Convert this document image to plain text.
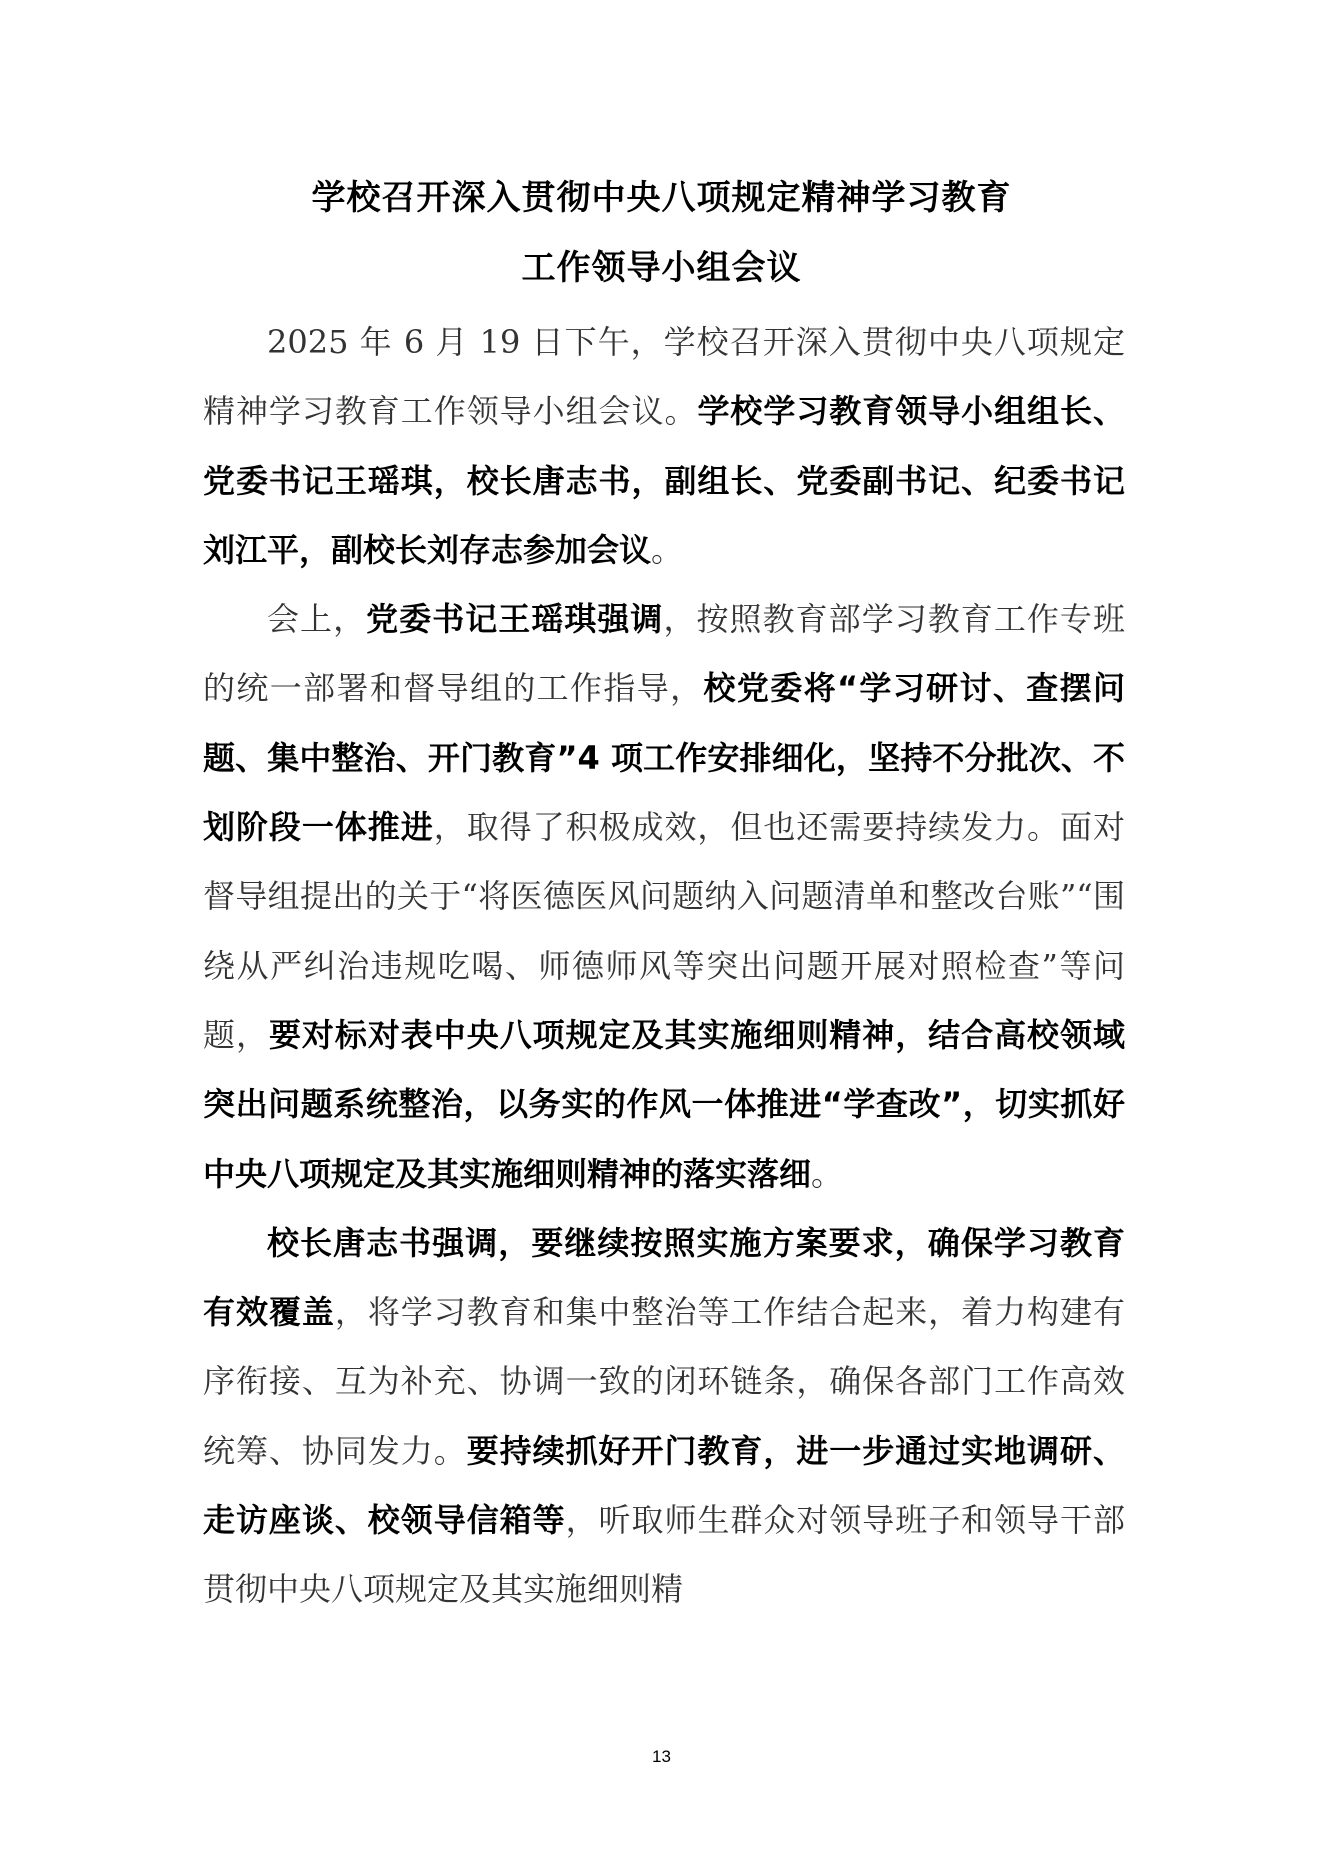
学校召开深入贯彻中央八项规定精神学习教育
工作领导小组会议

2025 年 6 月 19 日下午，学校召开深入贯彻中央八项规定精神学习教育工作领导小组会议。学校学习教育领导小组组长、党委书记王瑶琪，校长唐志书，副组长、党委副书记、纪委书记刘江平，副校长刘存志参加会议。

会上，党委书记王瑶琪强调，按照教育部学习教育工作专班的统一部署和督导组的工作指导，校党委将“学习研讨、查摆问题、集中整治、开门教育”4 项工作安排细化，坚持不分批次、不划阶段一体推进，取得了积极成效，但也还需要持续发力。面对督导组提出的关于“将医德医风问题纳入问题清单和整改台账”“围绕从严纠治违规吃喝、师德师风等突出问题开展对照检查”等问题，要对标对表中央八项规定及其实施细则精神，结合高校领域突出问题系统整治，以务实的作风一体推进“学查改”，切实抓好中央八项规定及其实施细则精神的落实落细。

校长唐志书强调，要继续按照实施方案要求，确保学习教育有效覆盖，将学习教育和集中整治等工作结合起来，着力构建有序衔接、互为补充、协调一致的闭环链条，确保各部门工作高效统筹、协同发力。要持续抓好开门教育，进一步通过实地调研、走访座谈、校领导信箱等，听取师生群众对领导班子和领导干部贯彻中央八项规定及其实施细则精

13
